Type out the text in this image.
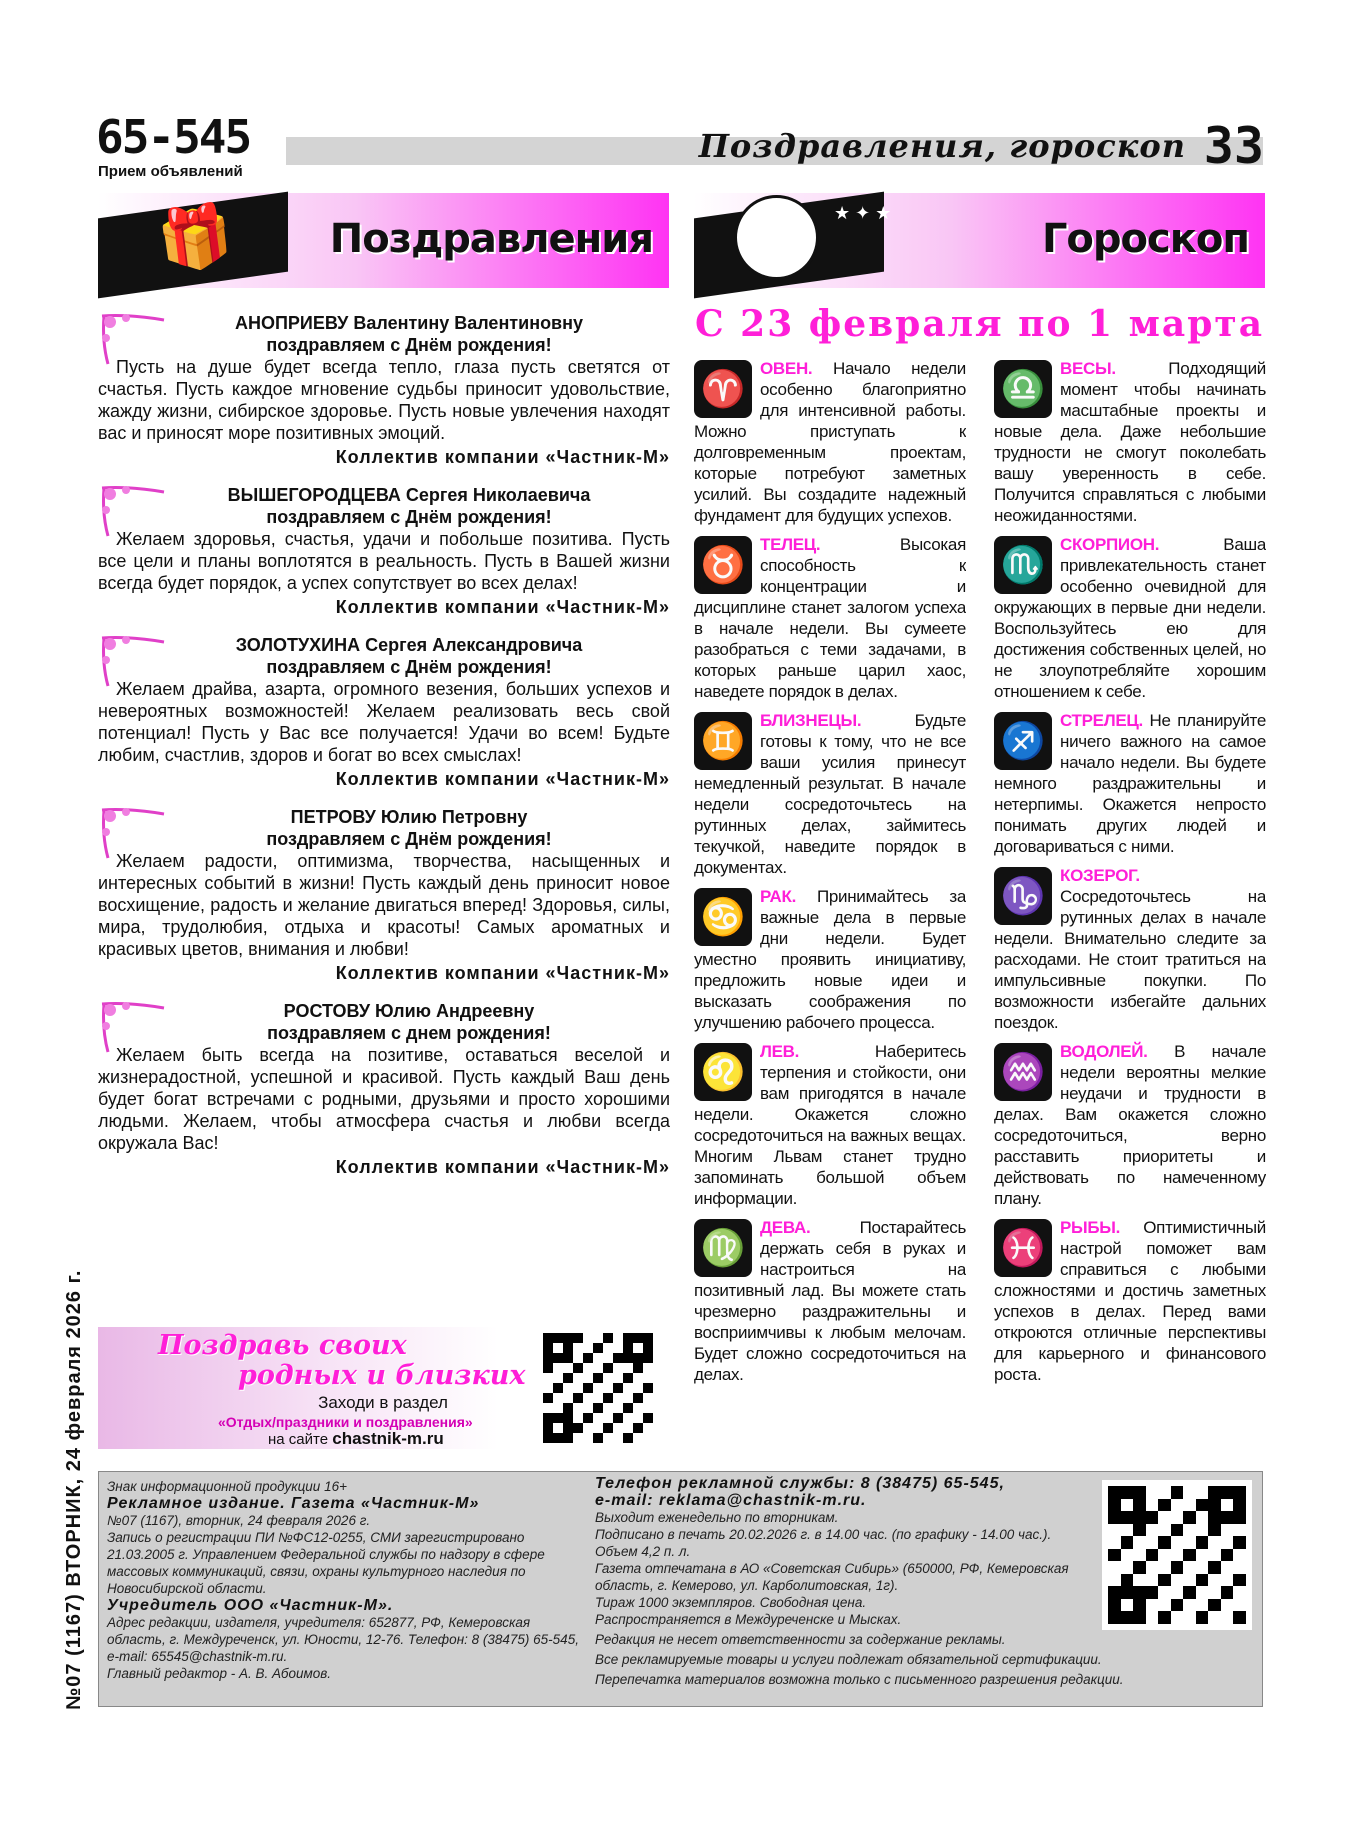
65-545
Прием объявлений
Поздравления, гороскоп 33
🎁 Поздравления
★ ✦ ★
Гороскоп
С 23 февраля по 1 марта
АНОПРИЕВУ Валентину Валентиновну
поздравляем с Днём рождения!
Пусть на душе будет всегда тепло, глаза пусть светятся от счастья. Пусть каждое мгновение судьбы приносит удовольствие, жажду жизни, сибирское здоровье. Пусть новые увлечения находят вас и приносят море позитивных эмоций.
Коллектив компании «Частник-М»
ВЫШЕГОРОДЦЕВА Сергея Николаевича
поздравляем с Днём рождения!
Желаем здоровья, счастья, удачи и побольше позитива. Пусть все цели и планы воплотятся в реальность. Пусть в Вашей жизни всегда будет порядок, а успех сопутствует во всех делах!
Коллектив компании «Частник-М»
ЗОЛОТУХИНА Сергея Александровича
поздравляем с Днём рождения!
Желаем драйва, азарта, огромного везения, больших успехов и невероятных возможностей! Желаем реализовать весь свой потенциал! Пусть у Вас все получается! Удачи во всем! Будьте любим, счастлив, здоров и богат во всех смыслах!
Коллектив компании «Частник-М»
ПЕТРОВУ Юлию Петровну
поздравляем с Днём рождения!
Желаем радости, оптимизма, творчества, насыщенных и интересных событий в жизни! Пусть каждый день приносит новое восхищение, радость и желание двигаться вперед! Здоровья, силы, мира, трудолюбия, отдыха и красоты! Самых ароматных и красивых цветов, внимания и любви!
Коллектив компании «Частник-М»
РОСТОВУ Юлию Андреевну
поздравляем с днем рождения!
Желаем быть всегда на позитиве, оставаться веселой и жизнерадостной, успешной и красивой. Пусть каждый Ваш день будет богат встречами с родными, друзьями и просто хорошими людьми. Желаем, чтобы атмосфера счастья и любви всегда окружала Вас!
Коллектив компании «Частник-М»
♈ ОВЕН. Начало недели особенно благоприятно для интенсивной работы. Можно приступать к долговременным проектам, которые потребуют заметных усилий. Вы создадите надежный фундамент для будущих успехов.
♉ ТЕЛЕЦ. Высокая способность к концентрации и дисциплине станет залогом успеха в начале недели. Вы сумеете разобраться с теми задачами, в которых раньше царил хаос, наведете порядок в делах.
♊ БЛИЗНЕЦЫ. Будьте готовы к тому, что не все ваши усилия принесут немедленный результат. В начале недели сосредоточьтесь на рутинных делах, займитесь текучкой, наведите порядок в документах.
♋ РАК. Принимайтесь за важные дела в первые дни недели. Будет уместно проявить инициативу, предложить новые идеи и высказать соображения по улучшению рабочего процесса.
♌ ЛЕВ. Наберитесь терпения и стойкости, они вам пригодятся в начале недели. Окажется сложно сосредоточиться на важных вещах. Многим Львам станет трудно запоминать большой объем информации.
♍ ДЕВА. Постарайтесь держать себя в руках и настроиться на позитивный лад. Вы можете стать чрезмерно раздражительны и восприимчивы к любым мелочам. Будет сложно сосредоточиться на делах.
♎ ВЕСЫ. Подходящий момент чтобы начинать масштабные проекты и новые дела. Даже небольшие трудности не смогут поколебать вашу уверенность в себе. Получится справляться с любыми неожиданностями.
♏ СКОРПИОН. Ваша привлекательность станет особенно очевидной для окружающих в первые дни недели. Воспользуйтесь ею для достижения собственных целей, но не злоупотребляйте хорошим отношением к себе.
♐ СТРЕЛЕЦ. Не планируйте ничего важного на самое начало недели. Вы будете немного раздражительны и нетерпимы. Окажется непросто понимать других людей и договариваться с ними.
♑ КОЗЕРОГ. Сосредоточьтесь на рутинных делах в начале недели. Внимательно следите за расходами. Не стоит тратиться на импульсивные покупки. По возможности избегайте дальних поездок.
♒ ВОДОЛЕЙ. В начале недели вероятны мелкие неудачи и трудности в делах. Вам окажется сложно сосредоточиться, верно расставить приоритеты и действовать по намеченному плану.
♓ РЫБЫ. Оптимистичный настрой поможет вам справиться с любыми сложностями и достичь заметных успехов в делах. Перед вами откроются отличные перспективы для карьерного и финансового роста.
Поздравь своих
родных и близких
Заходи в раздел
«Отдых/праздники и поздравления»
на сайте chastnik-m.ru
Знак информационной продукции 16+
Рекламное издание. Газета «Частник-М»
№07 (1167), вторник, 24 февраля 2026 г.
Запись о регистрации ПИ №ФС12-0255, СМИ зарегистрировано 21.03.2005 г. Управлением Федеральной службы по надзору в сфере массовых коммуникаций, связи, охраны культурного наследия по Новосибирской области.
Учредитель ООО «Частник-М».
Адрес редакции, издателя, учредителя: 652877, РФ, Кемеровская область, г. Междуреченск, ул. Юности, 12-76. Телефон: 8 (38475) 65-545, e-mail: 65545@chastnik-m.ru.
Главный редактор - А. В. Абоимов.
Телефон рекламной службы: 8 (38475) 65-545,
e-mail: reklama@chastnik-m.ru.
Выходит еженедельно по вторникам.
Подписано в печать 20.02.2026 г. в 14.00 час. (по графику - 14.00 час.). Объем 4,2 п. л.
Газета отпечатана в АО «Советская Сибирь» (650000, РФ, Кемеровская область, г. Кемерово, ул. Карболитовская, 1г).
Тираж 1000 экземпляров. Свободная цена.
Распространяется в Междуреченске и Мысках.
Редакция не несет ответственности за содержание рекламы.
Все рекламируемые товары и услуги подлежат обязательной сертификации.
Перепечатка материалов возможна только с письменного разрешения редакции.
№07 (1167) ВТОРНИК, 24 февраля 2026 г.
